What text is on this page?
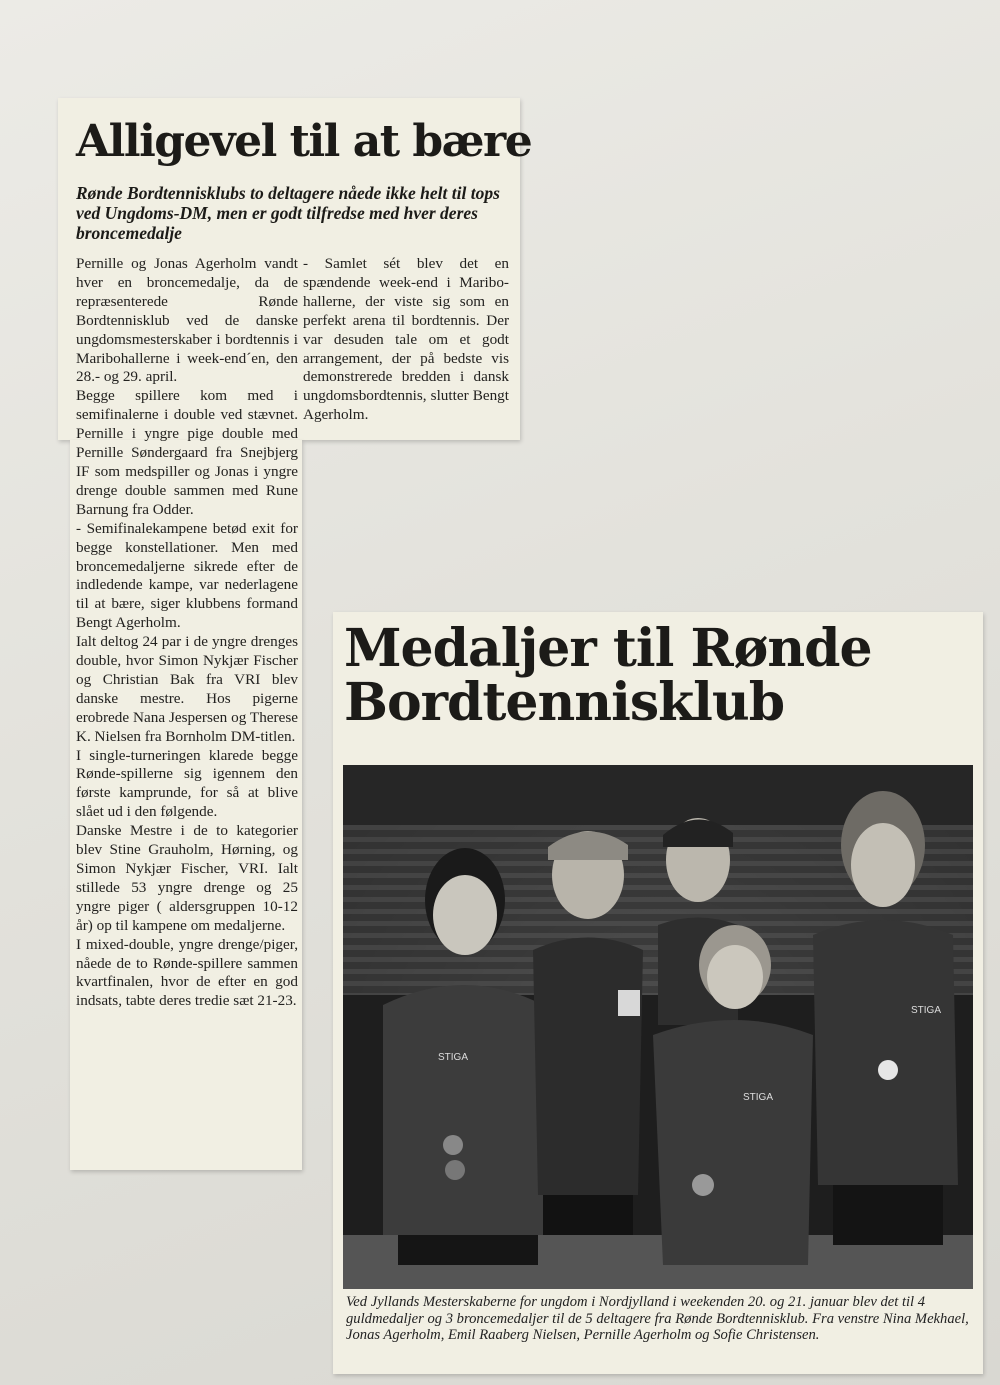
Alligevel til at bære

Rønde Bordtennisklubs to deltagere nåede ikke helt til tops ved Ungdoms-DM, men er godt tilfredse med hver deres broncemedalje

Pernille og Jonas Agerholm vandt hver en broncemedalje, da de repræsenterede Rønde Bordtennisklub ved de danske ungdomsmesterskaber i bordtennis i Maribohallerne i week-end´en, den 28.- og 29. april.

Begge spillere kom med i semifinalerne i double ved stævnet. Pernille i yngre pige double med Pernille Søndergaard fra Snejbjerg IF som medspiller og Jonas i yngre drenge double sammen med Rune Barnung fra Odder.

- Semifinalekampene betød exit for begge konstellationer. Men med broncemedaljerne sikrede efter de indledende kampe, var nederlagene til at bære, siger klubbens formand Bengt Agerholm.

Ialt deltog 24 par i de yngre drenges double, hvor Simon Nykjær Fischer og Christian Bak fra VRI blev danske mestre. Hos pigerne erobrede Nana Jespersen og Therese K. Nielsen fra Bornholm DM-titlen.

I single-turneringen klarede begge Rønde-spillerne sig igennem den første kamprunde, for så at blive slået ud i den følgende.

Danske Mestre i de to kategorier blev Stine Grauholm, Hørning, og Simon Nykjær Fischer, VRI. Ialt stillede 53 yngre drenge og 25 yngre piger ( aldersgruppen 10-12 år) op til kampene om medaljerne.

I mixed-double, yngre drenge/piger, nåede de to Rønde-spillere sammen kvartfinalen, hvor de efter en god indsats, tabte deres tredie sæt 21-23.

- Samlet sét blev det en spændende week-end i Maribo-hallerne, der viste sig som en perfekt arena til bordtennis. Der var desuden tale om et godt arrangement, der på bedste vis demonstrerede bredden i dansk ungdomsbordtennis, slutter Bengt Agerholm.

Medaljer til Rønde Bordtennisklub
STIGA
STIGA
STIGA

Ved Jyllands Mesterskaberne for ungdom i Nordjylland i weekenden 20. og 21. januar blev det til 4 guldmedaljer og 3 broncemedaljer til de 5 deltagere fra Rønde Bordtennisklub. Fra venstre Nina Mekhael, Jonas Agerholm, Emil Raaberg Nielsen, Pernille Agerholm og Sofie Christensen.
